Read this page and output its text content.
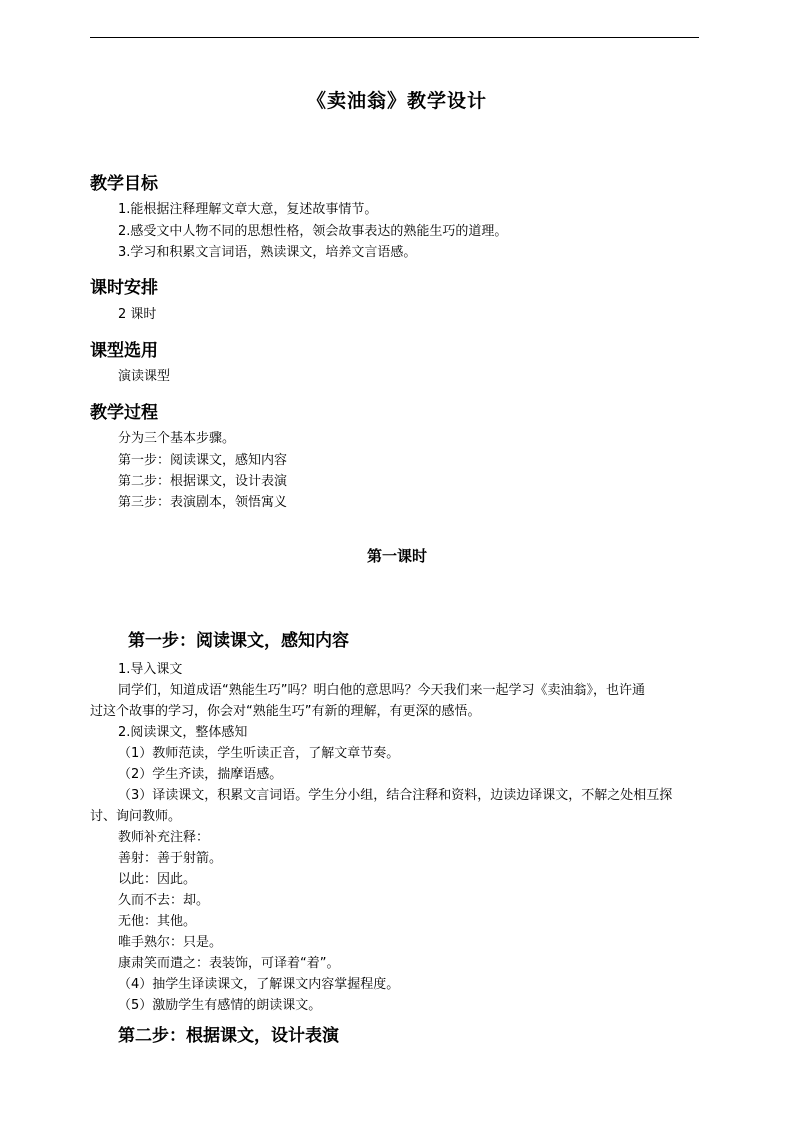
《卖油翁》教学设计
教学目标
1.能根据注释理解文章大意，复述故事情节。
2.感受文中人物不同的思想性格，领会故事表达的熟能生巧的道理。
3.学习和积累文言词语，熟读课文，培养文言语感。
课时安排
2 课时
课型选用
演读课型
教学过程
分为三个基本步骤。
第一步：阅读课文，感知内容
第二步：根据课文，设计表演
第三步：表演剧本，领悟寓义
第一课时
第一步：阅读课文，感知内容
1.导入课文
同学们，知道成语“熟能生巧”吗？明白他的意思吗？今天我们来一起学习《卖油翁》，也许通
过这个故事的学习，你会对“熟能生巧”有新的理解，有更深的感悟。
2.阅读课文，整体感知
（1）教师范读，学生听读正音，了解文章节奏。
（2）学生齐读，揣摩语感。
（3）译读课文，积累文言词语。学生分小组，结合注释和资料，边读边译课文，不解之处相互探
讨、询问教师。
教师补充注释：
善射：善于射箭。
以此：因此。
久而不去：却。
无他：其他。
唯手熟尔：只是。
康肃笑而遣之：表装饰，可译着“着”。
（4）抽学生译读课文，了解课文内容掌握程度。
（5）激励学生有感情的朗读课文。
第二步：根据课文，设计表演
